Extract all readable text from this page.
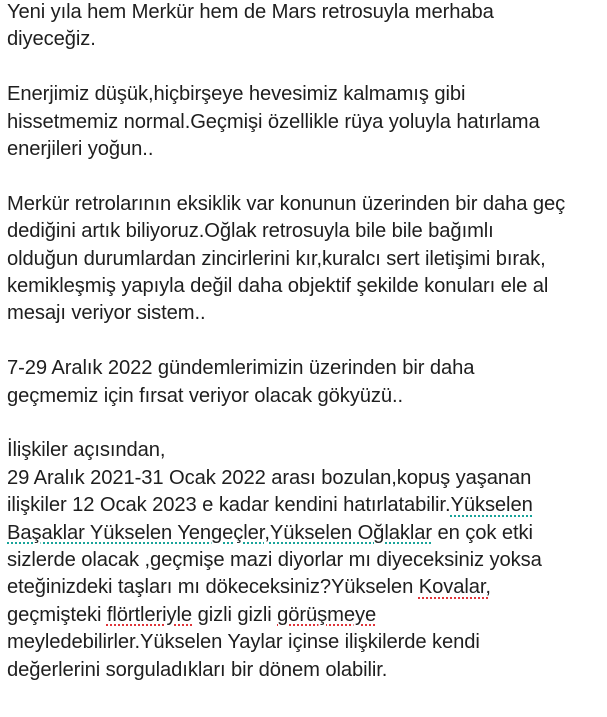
Yeni yıla hem Merkür hem de Mars retrosuyla merhaba
diyeceğiz.
Enerjimiz düşük,hiçbirşeye hevesimiz kalmamış gibi
hissetmemiz normal.Geçmişi özellikle rüya yoluyla hatırlama
enerjileri yoğun..
Merkür retrolarının eksiklik var konunun üzerinden bir daha geç
dediğini artık biliyoruz.Oğlak retrosuyla bile bile bağımlı
olduğun durumlardan zincirlerini kır,kuralcı sert iletişimi bırak,
kemikleşmiş yapıyla değil daha objektif şekilde konuları ele al
mesajı veriyor sistem..
7-29 Aralık 2022 gündemlerimizin üzerinden bir daha
geçmemiz için fırsat veriyor olacak gökyüzü..
İlişkiler açısından,
29 Aralık 2021-31 Ocak 2022 arası bozulan,kopuş yaşanan
ilişkiler 12 Ocak 2023 e kadar kendini hatırlatabilir.Yükselen
Başaklar Yükselen Yengeçler,Yükselen Oğlaklar en çok etki
sizlerde olacak ,geçmişe mazi diyorlar mı diyeceksiniz yoksa
eteğinizdeki taşları mı dökeceksiniz?Yükselen Kovalar,
geçmişteki flörtleriyle gizli gizli görüşmeye
meyledebilirler.Yükselen Yaylar içinse ilişkilerde kendi
değerlerini sorguladıkları bir dönem olabilir.
